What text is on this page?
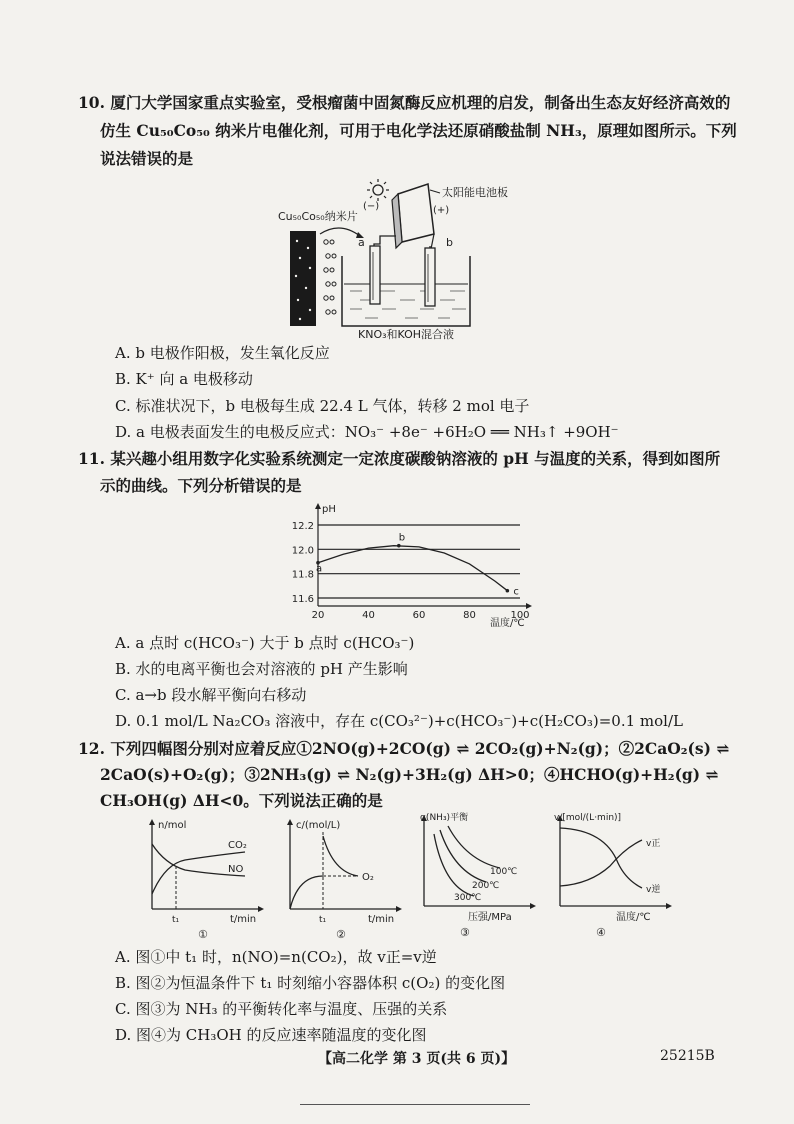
10. 厦门大学国家重点实验室，受根瘤菌中固氮酶反应机理的启发，制备出生态友好经济高效的
仿生 Cu₅₀Co₅₀ 纳米片电催化剂，可用于电化学法还原硝酸盐制 NH₃，原理如图所示。下列
说法错误的是
太阳能电池板
(−)	(+)
Cu₅₀Co₅₀纳米片
a	b
KNO₃和KOH混合液
A. b 电极作阳极，发生氧化反应
B. K⁺ 向 a 电极移动
C. 标准状况下，b 电极每生成 22.4 L 气体，转移 2 mol 电子
D. a 电极表面发生的电极反应式：NO₃⁻ +8e⁻ +6H₂O ══ NH₃↑ +9OH⁻
11. 某兴趣小组用数字化实验系统测定一定浓度碳酸钠溶液的 pH 与温度的关系，得到如图所
示的曲线。下列分析错误的是
pH
温度/℃
12.2
12.0
11.8
11.6
20	40	60	80	100
a
b
c
A. a 点时 c(HCO₃⁻) 大于 b 点时 c(HCO₃⁻)
B. 水的电离平衡也会对溶液的 pH 产生影响
C. a→b 段水解平衡向右移动
D. 0.1 mol/L Na₂CO₃ 溶液中，存在 c(CO₃²⁻)+c(HCO₃⁻)+c(H₂CO₃)=0.1 mol/L
12. 下列四幅图分别对应着反应①2NO(g)+2CO(g) ⇌ 2CO₂(g)+N₂(g)；②2CaO₂(s) ⇌
2CaO(s)+O₂(g)；③2NH₃(g) ⇌ N₂(g)+3H₂(g) ΔH>0；④HCHO(g)+H₂(g) ⇌
CH₃OH(g) ΔH<0。下列说法正确的是
n/mol
t/min
t₁
CO₂
NO
①
c/(mol/L)
t/min
t₁
O₂
②
α(NH₃)平衡
压强/MPa
100℃
200℃
300℃
③
v/[mol/(L·min)]
温度/℃
v正
v逆
④
A. 图①中 t₁ 时，n(NO)=n(CO₂)，故 v正=v逆
B. 图②为恒温条件下 t₁ 时刻缩小容器体积 c(O₂) 的变化图
C. 图③为 NH₃ 的平衡转化率与温度、压强的关系
D. 图④为 CH₃OH 的反应速率随温度的变化图
【高二化学 第 3 页(共 6 页)】	25215B
